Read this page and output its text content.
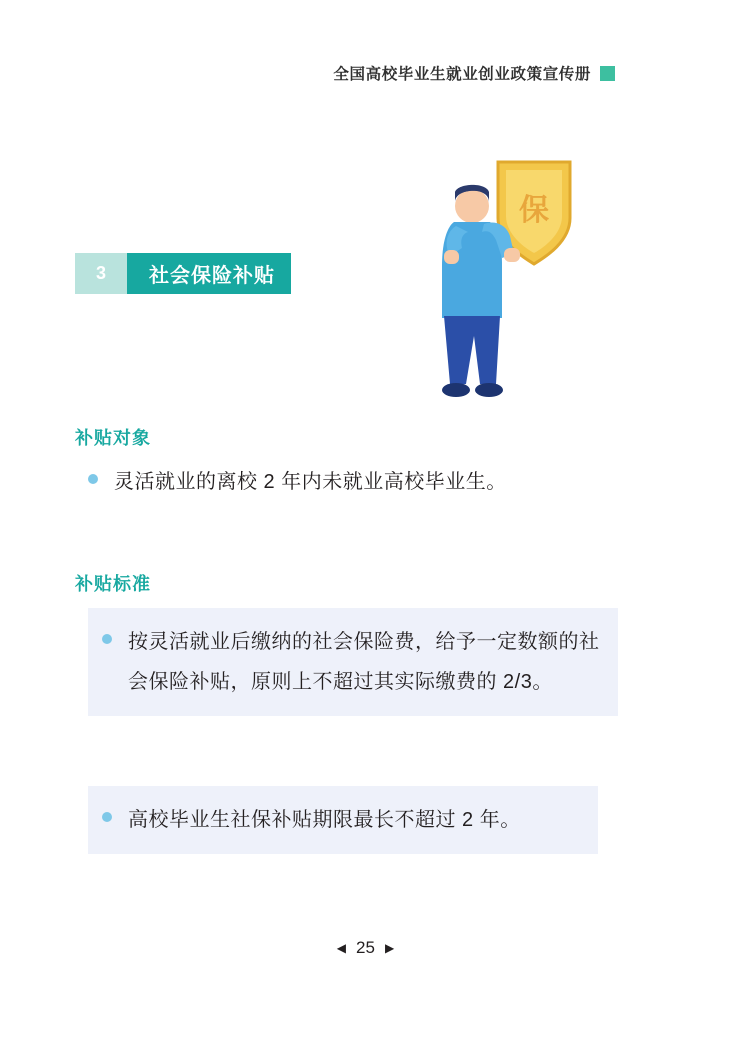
全国高校毕业生就业创业政策宣传册
3	社会保险补贴
保
补贴对象
灵活就业的离校 2 年内未就业高校毕业生。
补贴标准
按灵活就业后缴纳的社会保险费，给予一定数额的社会保险补贴，原则上不超过其实际缴费的 2/3。
高校毕业生社保补贴期限最长不超过 2 年。
◀ 25 ▶
